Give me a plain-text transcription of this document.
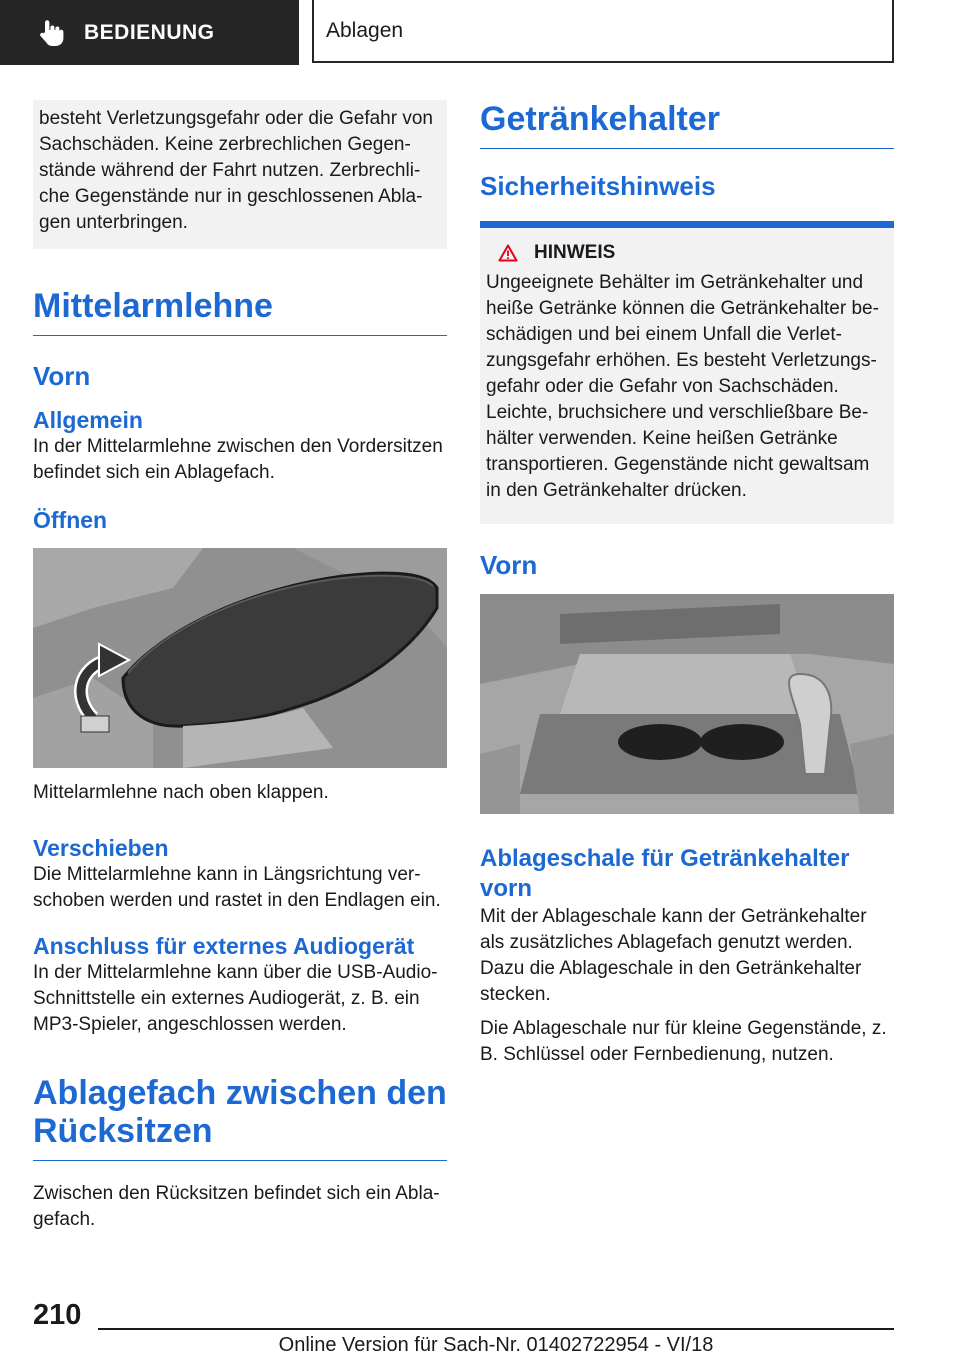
BEDIENUNG	Ablagen
besteht Verletzungsgefahr oder die Gefahr von Sachschäden. Keine zerbrechlichen Gegenstände während der Fahrt nutzen. Zerbrechliche Gegenstände nur in geschlossenen Ablagen unterbringen.
Mittelarmlehne
Vorn
Allgemein

In der Mittelarmlehne zwischen den Vordersitzen befindet sich ein Ablagefach.

Öffnen
Mittelarmlehne nach oben klappen.
Verschieben

Die Mittelarmlehne kann in Längsrichtung verschoben werden und rastet in den Endlagen ein.

Anschluss für externes Audiogerät

In der Mittelarmlehne kann über die USB-Audio-Schnittstelle ein externes Audiogerät, z. B. ein MP3-Spieler, angeschlossen werden.

Ablagefach zwischen den Rücksitzen

Zwischen den Rücksitzen befindet sich ein Ablagefach.

Getränkehalter
Sicherheitshinweis
HINWEIS

Ungeeignete Behälter im Getränkehalter und heiße Getränke können die Getränkehalter beschädigen und bei einem Unfall die Verletzungsgefahr erhöhen. Es besteht Verletzungsgefahr oder die Gefahr von Sachschäden. Leichte, bruchsichere und verschließbare Behälter verwenden. Keine heißen Getränke transportieren. Gegenstände nicht gewaltsam in den Getränkehalter drücken.

Vorn
Ablageschale für Getränkehalter vorn

Mit der Ablageschale kann der Getränkehalter als zusätzliches Ablagefach genutzt werden. Dazu die Ablageschale in den Getränkehalter stecken.

Die Ablageschale nur für kleine Gegenstände, z. B. Schlüssel oder Fernbedienung, nutzen.

210
Online Version für Sach-Nr. 01402722954 - VI/18
